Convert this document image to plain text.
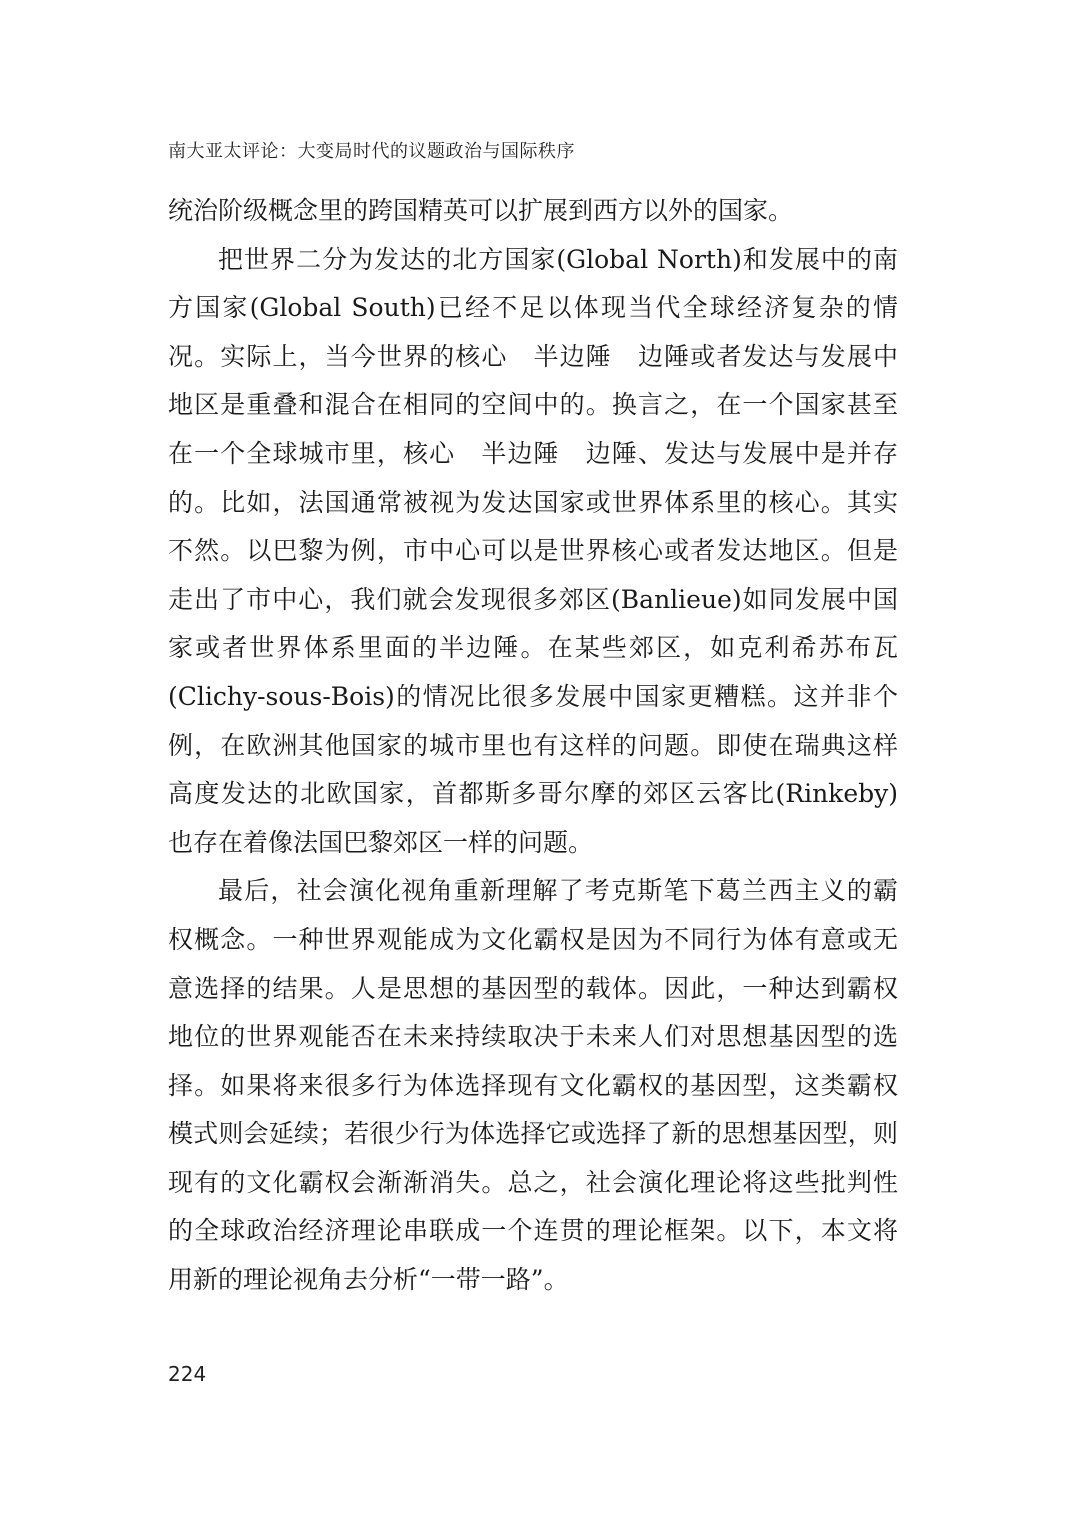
南大亚太评论：大变局时代的议题政治与国际秩序
统治阶级概念里的跨国精英可以扩展到西方以外的国家。
把世界二分为发达的北方国家(Global North)和发展中的南
方国家(Global South)已经不足以体现当代全球经济复杂的情
况。实际上，当今世界的核心　半边陲　边陲或者发达与发展中
地区是重叠和混合在相同的空间中的。换言之，在一个国家甚至
在一个全球城市里，核心　半边陲　边陲、发达与发展中是并存
的。比如，法国通常被视为发达国家或世界体系里的核心。其实
不然。以巴黎为例，市中心可以是世界核心或者发达地区。但是
走出了市中心，我们就会发现很多郊区(Banlieue)如同发展中国
家或者世界体系里面的半边陲。在某些郊区，如克利希苏布瓦
(Clichy-sous-Bois)的情况比很多发展中国家更糟糕。这并非个
例，在欧洲其他国家的城市里也有这样的问题。即使在瑞典这样
高度发达的北欧国家，首都斯多哥尔摩的郊区云客比(Rinkeby)
也存在着像法国巴黎郊区一样的问题。
最后，社会演化视角重新理解了考克斯笔下葛兰西主义的霸
权概念。一种世界观能成为文化霸权是因为不同行为体有意或无
意选择的结果。人是思想的基因型的载体。因此，一种达到霸权
地位的世界观能否在未来持续取决于未来人们对思想基因型的选
择。如果将来很多行为体选择现有文化霸权的基因型，这类霸权
模式则会延续；若很少行为体选择它或选择了新的思想基因型，则
现有的文化霸权会渐渐消失。总之，社会演化理论将这些批判性
的全球政治经济理论串联成一个连贯的理论框架。以下，本文将
用新的理论视角去分析“一带一路”。
224
